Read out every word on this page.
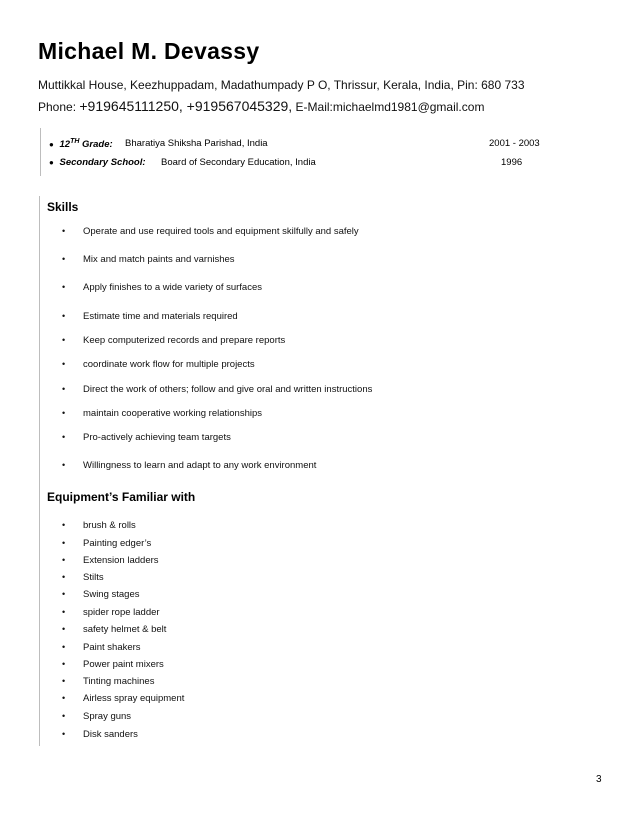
Michael M. Devassy
Muttikkal House, Keezhuppadam, Madathumpady P O, Thrissur, Kerala, India, Pin: 680 733
Phone: +919645111250, +919567045329, E-Mail:michaelmd1981@gmail.com
● 12TH Grade: Bharatiya Shiksha Parishad, India	2001 - 2003
● Secondary School: Board of Secondary Education, India	1996
Skills
• Operate and use required tools and equipment skilfully and safely
• Mix and match paints and varnishes
• Apply finishes to a wide variety of surfaces
• Estimate time and materials required
• Keep computerized records and prepare reports
• coordinate work flow for multiple projects
• Direct the work of others; follow and give oral and written instructions
• maintain cooperative working relationships
• Pro-actively achieving team targets
• Willingness to learn and adapt to any work environment
Equipment’s Familiar with
• brush & rolls
• Painting edger’s
• Extension ladders
• Stilts
• Swing stages
• spider rope ladder
• safety helmet & belt
• Paint shakers
• Power paint mixers
• Tinting machines
• Airless spray equipment
• Spray guns
• Disk sanders
3
